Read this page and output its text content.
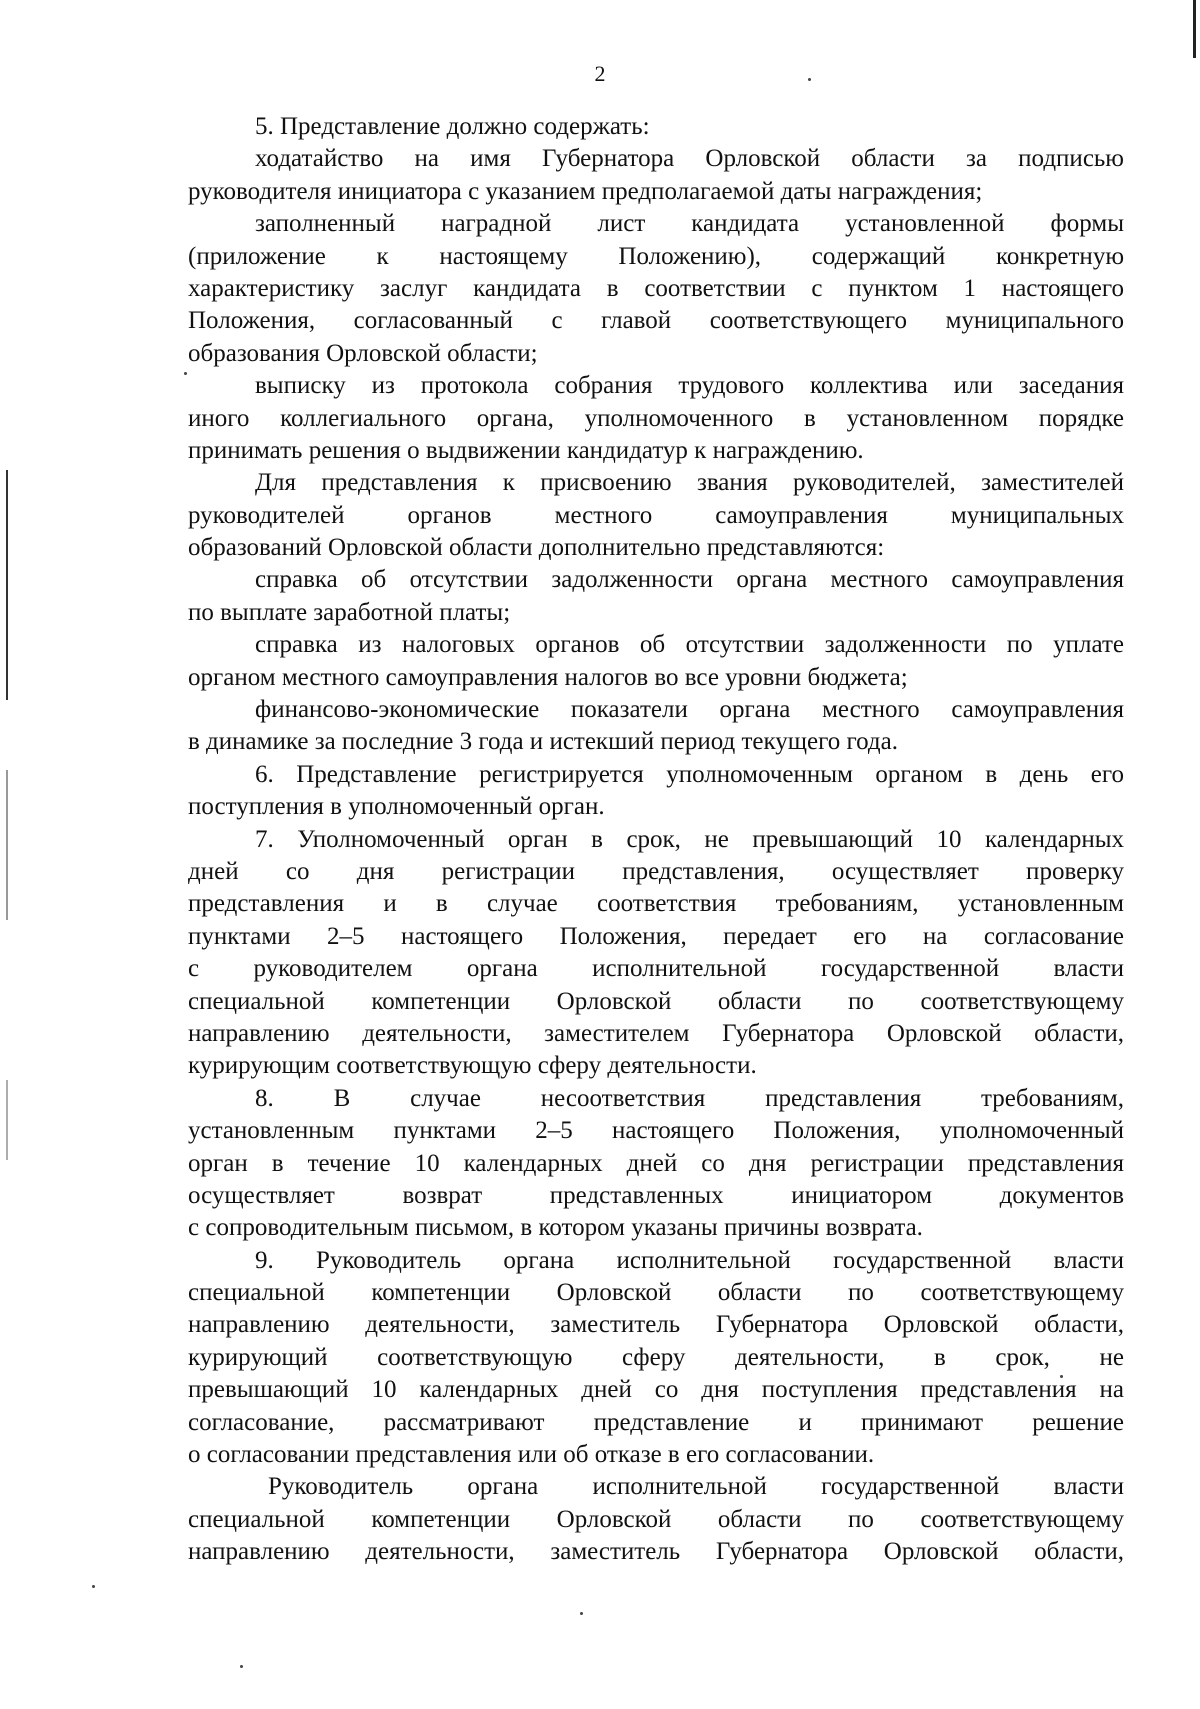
2
5. Представление должно содержать:
ходатайство на имя Губернатора Орловской области за подписью
руководителя инициатора с указанием предполагаемой даты награждения;
заполненный наградной лист кандидата установленной формы
(приложение к настоящему Положению), содержащий конкретную
характеристику заслуг кандидата в соответствии с пунктом 1 настоящего
Положения, согласованный с главой соответствующего муниципального
образования Орловской области;
выписку из протокола собрания трудового коллектива или заседания
иного коллегиального органа, уполномоченного в установленном порядке
принимать решения о выдвижении кандидатур к награждению.
Для представления к присвоению звания руководителей, заместителей
руководителей органов местного самоуправления муниципальных
образований Орловской области дополнительно представляются:
справка об отсутствии задолженности органа местного самоуправления
по выплате заработной платы;
справка из налоговых органов об отсутствии задолженности по уплате
органом местного самоуправления налогов во все уровни бюджета;
финансово-экономические показатели органа местного самоуправления
в динамике за последние 3 года и истекший период текущего года.
6. Представление регистрируется уполномоченным органом в день его
поступления в уполномоченный орган.
7. Уполномоченный орган в срок, не превышающий 10 календарных
дней со дня регистрации представления, осуществляет проверку
представления и в случае соответствия требованиям, установленным
пунктами 2–5 настоящего Положения, передает его на согласование
с руководителем органа исполнительной государственной власти
специальной компетенции Орловской области по соответствующему
направлению деятельности, заместителем Губернатора Орловской области,
курирующим соответствующую сферу деятельности.
8. В случае несоответствия представления требованиям,
установленным пунктами 2–5 настоящего Положения, уполномоченный
орган в течение 10 календарных дней со дня регистрации представления
осуществляет возврат представленных инициатором документов
с сопроводительным письмом, в котором указаны причины возврата.
9. Руководитель органа исполнительной государственной власти
специальной компетенции Орловской области по соответствующему
направлению деятельности, заместитель Губернатора Орловской области,
курирующий соответствующую сферу деятельности, в срок, не
превышающий 10 календарных дней со дня поступления представления на
согласование, рассматривают представление и принимают решение
о согласовании представления или об отказе в его согласовании.
Руководитель органа исполнительной государственной власти
специальной компетенции Орловской области по соответствующему
направлению деятельности, заместитель Губернатора Орловской области,
